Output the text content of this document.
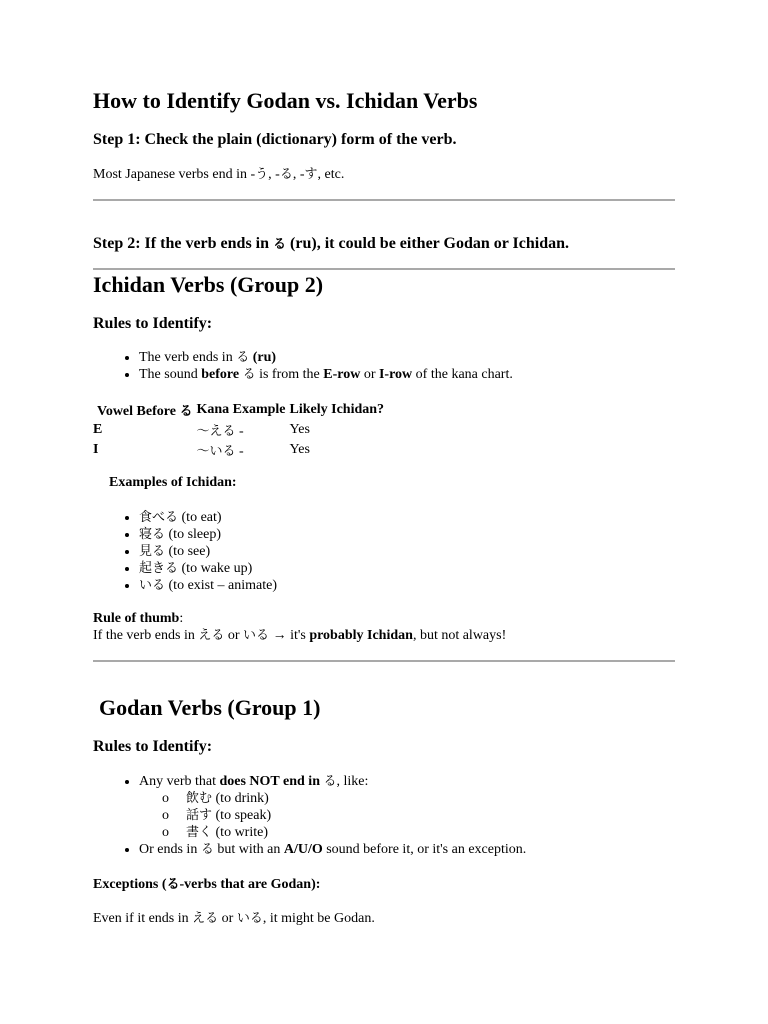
How to Identify Godan vs. Ichidan Verbs
Step 1: Check the plain (dictionary) form of the verb.

Most Japanese verbs end in -う, -る, -す, etc.

Step 2: If the verb ends in る (ru), it could be either Godan or Ichidan.
Ichidan Verbs (Group 2)
Rules to Identify:
• The verb ends in る (ru)
• The sound before る is from the E-row or I-row of the kana chart.
Vowel Before る	Kana Example	Likely Ichidan?
E	～える -	Yes
I	～いる -	Yes
Examples of Ichidan:
• 食べる (to eat)
• 寝る (to sleep)
• 見る (to see)
• 起きる (to wake up)
• いる (to exist – animate)

Rule of thumb:

If the verb ends in える or いる → it's probably Ichidan, but not always!

Godan Verbs (Group 1)
Rules to Identify:
• Any verb that does NOT end in る, like:
o 飲む (to drink)
o 話す (to speak)
o 書く (to write)
• Or ends in る but with an A/U/O sound before it, or it's an exception.
Exceptions (る-verbs that are Godan):

Even if it ends in える or いる, it might be Godan.
